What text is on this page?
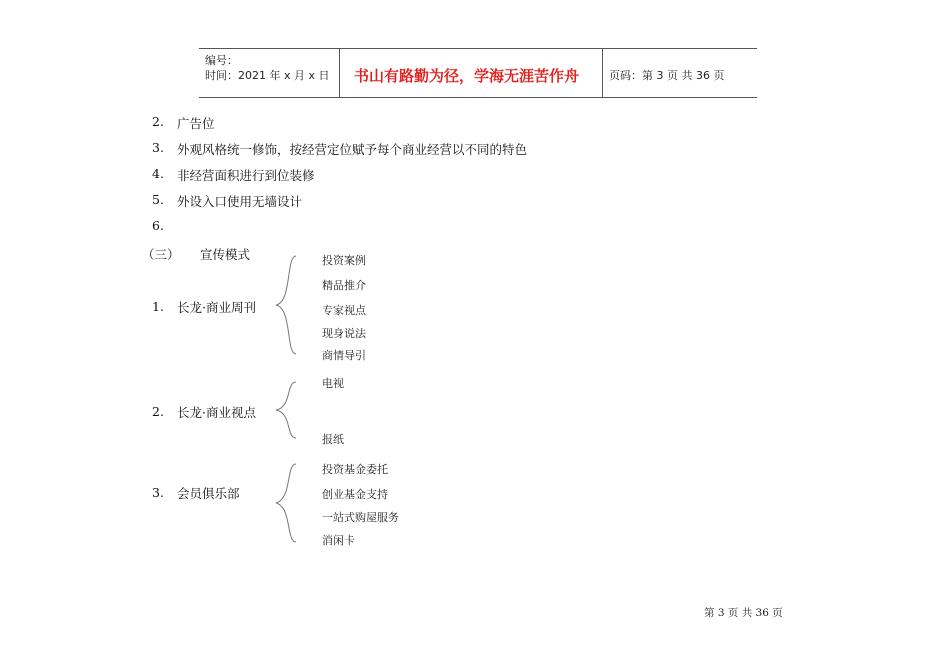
编号：
时间：2021 年 x 月 x 日 书山有路勤为径，学海无涯苦作舟	页码：第 3 页 共 36 页
2. 广告位
3. 外观风格统一修饰，按经营定位赋予每个商业经营以不同的特色
4. 非经营面积进行到位装修
5. 外设入口使用无墙设计
6.
（三） 宣传模式
1. 长龙·商业周刊
投资案例
精品推介
专家视点
现身说法
商情导引
2. 长龙·商业视点
电视
报纸
3. 会员俱乐部
投资基金委托
创业基金支持
一站式购屋服务
消闲卡
第 3 页 共 36 页
